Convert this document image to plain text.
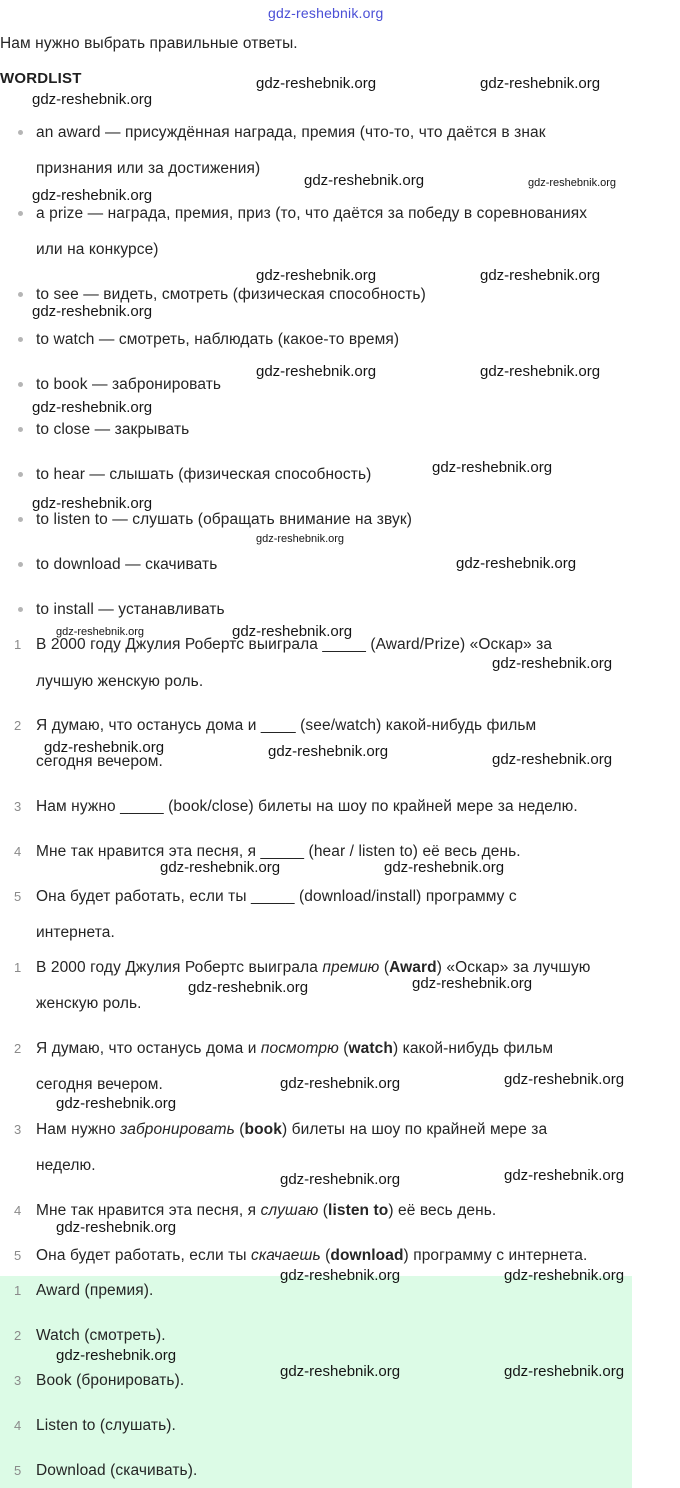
gdz-reshebnik.org
Нам нужно выбрать правильные ответы.
WORDLIST
an award — присуждённая награда, премия (что-то, что даётся в знак
признания или за достижения)
a prize — награда, премия, приз (то, что даётся за победу в соревнованиях
или на конкурсе)
to see — видеть, смотреть (физическая способность)
to watch — смотреть, наблюдать (какое-то время)
to book — забронировать
to close — закрывать
to hear — слышать (физическая способность)
to listen to — слушать (обращать внимание на звук)
to download — скачивать
to install — устанавливать
1 В 2000 году Джулия Робертс выиграла _____ (Award/Prize) «Оскар» за
лучшую женскую роль.
2 Я думаю, что останусь дома и ____ (see/watch) какой-нибудь фильм
сегодня вечером.
3 Нам нужно _____ (book/close) билеты на шоу по крайней мере за неделю.
4 Мне так нравится эта песня, я _____ (hear / listen to) её весь день.
5 Она будет работать, если ты _____ (download/install) программу с
интернета.
1 В 2000 году Джулия Робертс выиграла премию (Award) «Оскар» за лучшую
женскую роль.
2 Я думаю, что останусь дома и посмотрю (watch) какой-нибудь фильм
сегодня вечером.
3 Нам нужно забронировать (book) билеты на шоу по крайней мере за
неделю.
4 Мне так нравится эта песня, я слушаю (listen to) её весь день.
5 Она будет работать, если ты скачаешь (download) программу с интернета.
1 Award (премия).
2 Watch (смотреть).
3 Book (бронировать).
4 Listen to (слушать).
5 Download (скачивать).
gdz-reshebnik.org	gdz-reshebnik.org
gdz-reshebnik.org
gdz-reshebnik.org	gdz-reshebnik.org
gdz-reshebnik.org
gdz-reshebnik.org	gdz-reshebnik.org
gdz-reshebnik.org
gdz-reshebnik.org	gdz-reshebnik.org
gdz-reshebnik.org
gdz-reshebnik.org
gdz-reshebnik.org
gdz-reshebnik.org
gdz-reshebnik.org
gdz-reshebnik.org	gdz-reshebnik.org
gdz-reshebnik.org
gdz-reshebnik.org	gdz-reshebnik.org	gdz-reshebnik.org
gdz-reshebnik.org	gdz-reshebnik.org
gdz-reshebnik.org	gdz-reshebnik.org
gdz-reshebnik.org	gdz-reshebnik.org
gdz-reshebnik.org
gdz-reshebnik.org	gdz-reshebnik.org
gdz-reshebnik.org
gdz-reshebnik.org	gdz-reshebnik.org
gdz-reshebnik.org
gdz-reshebnik.org	gdz-reshebnik.org
